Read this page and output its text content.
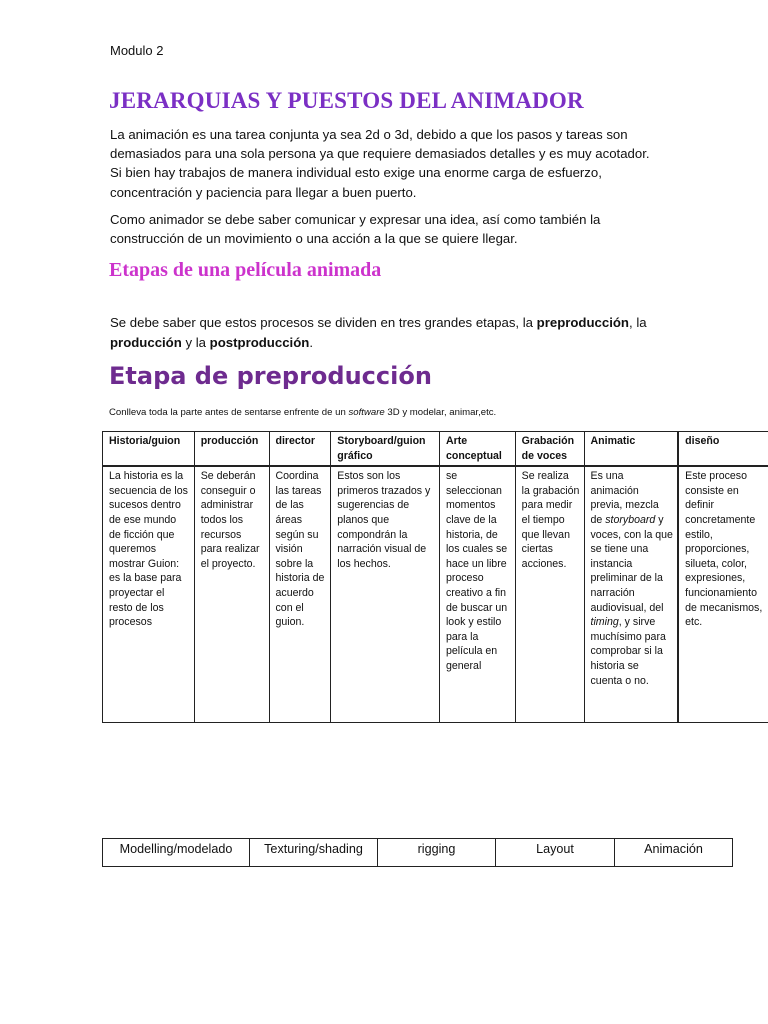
Modulo 2
JERARQUIAS Y PUESTOS DEL ANIMADOR

La animación es una tarea conjunta ya sea 2d o 3d, debido a que los pasos y tareas son demasiados para una sola persona ya que requiere demasiados detalles y es muy acotador. Si bien hay trabajos de manera individual esto exige una enorme carga de esfuerzo, concentración y paciencia para llegar a buen puerto.

Como animador se debe saber comunicar y expresar una idea, así como también la construcción de un movimiento o una acción a la que se quiere llegar.

Etapas de una película animada

Se debe saber que estos procesos se dividen en tres grandes etapas, la preproducción, la producción y la postproducción.

Etapa de preproducción
Conlleva toda la parte antes de sentarse enfrente de un software 3D y modelar, animar,etc.
Historia/guion	producción	director	Storyboard/guion gráfico	Arte conceptual	Grabación de voces	Animatic	diseño
La historia es la secuencia de los sucesos dentro de ese mundo de ficción que queremos mostrar Guion: es la base para proyectar el resto de los procesos	Se deberán conseguir o administrar todos los recursos para realizar el proyecto.	Coordina las tareas de las áreas según su visión sobre la historia de acuerdo con el guion.	Estos son los primeros trazados y sugerencias de planos que compondrán la narración visual de los hechos.	se seleccionan momentos clave de la historia, de los cuales se hace un libre proceso creativo a fin de buscar un look y estilo para la película en general	Se realiza la grabación para medir el tiempo que llevan ciertas acciones.	Es una animación previa, mezcla de storyboard y voces, con la que se tiene una instancia preliminar de la narración audiovisual, del timing, y sirve muchísimo para comprobar si la historia se cuenta o no.	Este proceso consiste en definir concretamente estilo, proporciones, silueta, color, expresiones, funcionamiento de mecanismos, etc.
Modelling/modelado	Texturing/shading	rigging	Layout	Animación
